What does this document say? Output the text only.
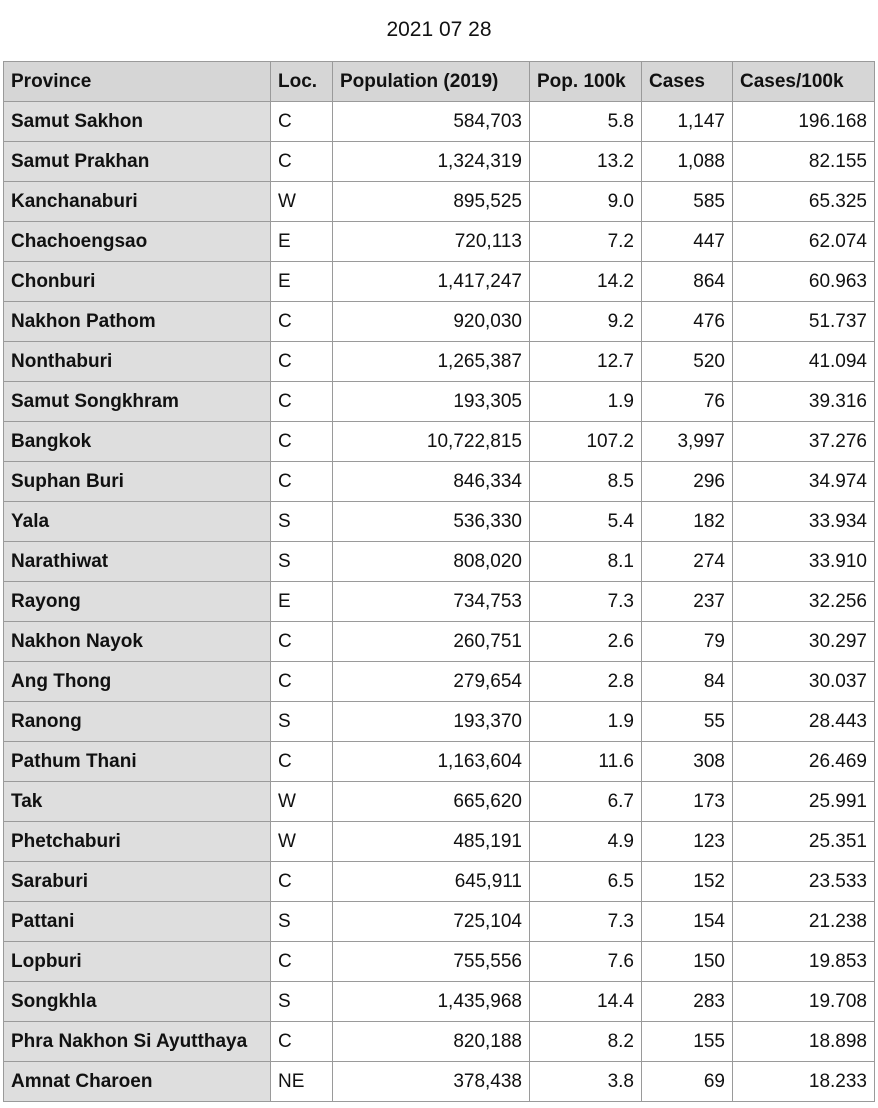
2021 07 28
Province	Loc.	Population (2019)	Pop. 100k	Cases	Cases/100k
Samut Sakhon	C	584,703	5.8	1,147	196.168
Samut Prakhan	C	1,324,319	13.2	1,088	82.155
Kanchanaburi	W	895,525	9.0	585	65.325
Chachoengsao	E	720,113	7.2	447	62.074
Chonburi	E	1,417,247	14.2	864	60.963
Nakhon Pathom	C	920,030	9.2	476	51.737
Nonthaburi	C	1,265,387	12.7	520	41.094
Samut Songkhram	C	193,305	1.9	76	39.316
Bangkok	C	10,722,815	107.2	3,997	37.276
Suphan Buri	C	846,334	8.5	296	34.974
Yala	S	536,330	5.4	182	33.934
Narathiwat	S	808,020	8.1	274	33.910
Rayong	E	734,753	7.3	237	32.256
Nakhon Nayok	C	260,751	2.6	79	30.297
Ang Thong	C	279,654	2.8	84	30.037
Ranong	S	193,370	1.9	55	28.443
Pathum Thani	C	1,163,604	11.6	308	26.469
Tak	W	665,620	6.7	173	25.991
Phetchaburi	W	485,191	4.9	123	25.351
Saraburi	C	645,911	6.5	152	23.533
Pattani	S	725,104	7.3	154	21.238
Lopburi	C	755,556	7.6	150	19.853
Songkhla	S	1,435,968	14.4	283	19.708
Phra Nakhon Si Ayutthaya	C	820,188	8.2	155	18.898
Amnat Charoen	NE	378,438	3.8	69	18.233
